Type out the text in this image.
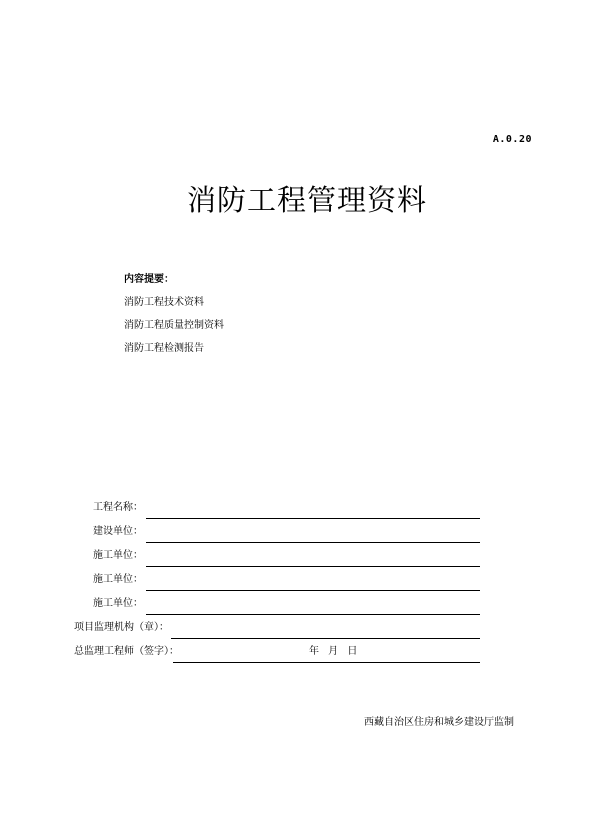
A.0.20
消防工程管理资料
内容提要：
消防工程技术资料
消防工程质量控制资料
消防工程检测报告
工程名称：
建设单位：
施工单位：
施工单位：
施工单位：
项目监理机构（章）：
总监理工程师（签字）：	年 月 日
西藏自治区住房和城乡建设厅监制
